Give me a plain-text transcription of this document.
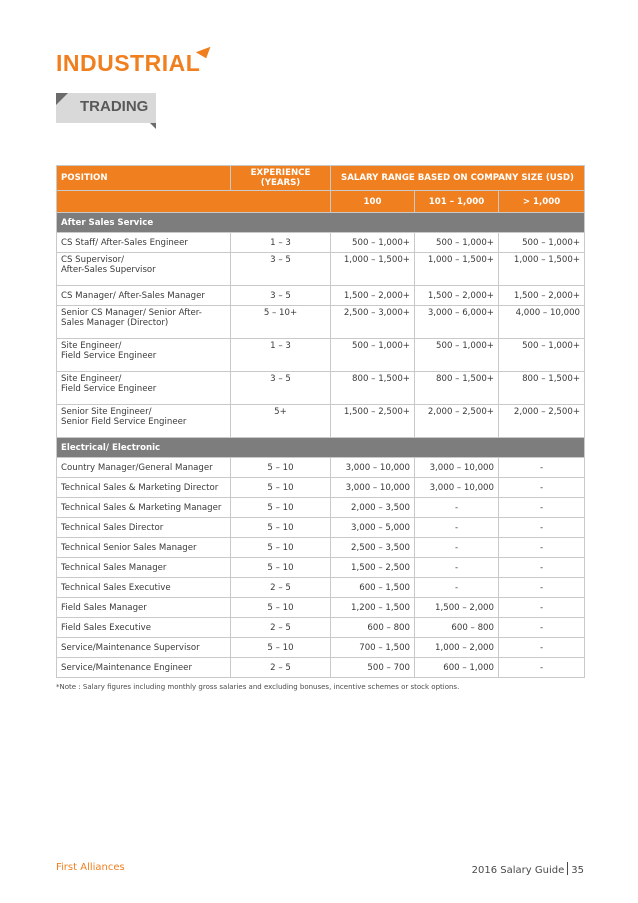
INDUSTRIAL
TRADING
POSITION	EXPERIENCE (YEARS)	SALARY RANGE BASED ON COMPANY SIZE (USD)		
		100	101 – 1,000	> 1,000
After Sales Service				
CS Staff/ After-Sales Engineer	1 – 3	500 – 1,000+	500 – 1,000+	500 – 1,000+
CS Supervisor/
After-Sales Supervisor	3 – 5	1,000 – 1,500+	1,000 – 1,500+	1,000 – 1,500+
CS Manager/ After-Sales Manager	3 – 5	1,500 – 2,000+	1,500 – 2,000+	1,500 – 2,000+
Senior CS Manager/ Senior After-
Sales Manager (Director)	5 – 10+	2,500 – 3,000+	3,000 – 6,000+	4,000 – 10,000
Site Engineer/
Field Service Engineer	1 – 3	500 – 1,000+	500 – 1,000+	500 – 1,000+
Site Engineer/
Field Service Engineer	3 – 5	800 – 1,500+	800 – 1,500+	800 – 1,500+
Senior Site Engineer/
Senior Field Service Engineer	5+	1,500 – 2,500+	2,000 – 2,500+	2,000 – 2,500+
Electrical/ Electronic				
Country Manager/General Manager	5 – 10	3,000 – 10,000	3,000 – 10,000	-
Technical Sales & Marketing Director	5 – 10	3,000 – 10,000	3,000 – 10,000	-
Technical Sales & Marketing Manager	5 – 10	2,000 – 3,500	-	-
Technical Sales Director	5 – 10	3,000 – 5,000	-	-
Technical Senior Sales Manager	5 – 10	2,500 – 3,500	-	-
Technical Sales Manager	5 – 10	1,500 – 2,500	-	-
Technical Sales Executive	2 – 5	600 – 1,500	-	-
Field Sales Manager	5 – 10	1,200 – 1,500	1,500 – 2,000	-
Field Sales Executive	2 – 5	600 – 800	600 – 800	-
Service/Maintenance Supervisor	5 – 10	700 – 1,500	1,000 – 2,000	-
Service/Maintenance Engineer	2 – 5	500 – 700	600 – 1,000	-
*Note : Salary figures including monthly gross salaries and excluding bonuses, incentive schemes or stock options.
First Alliances	2016 Salary Guide 35
